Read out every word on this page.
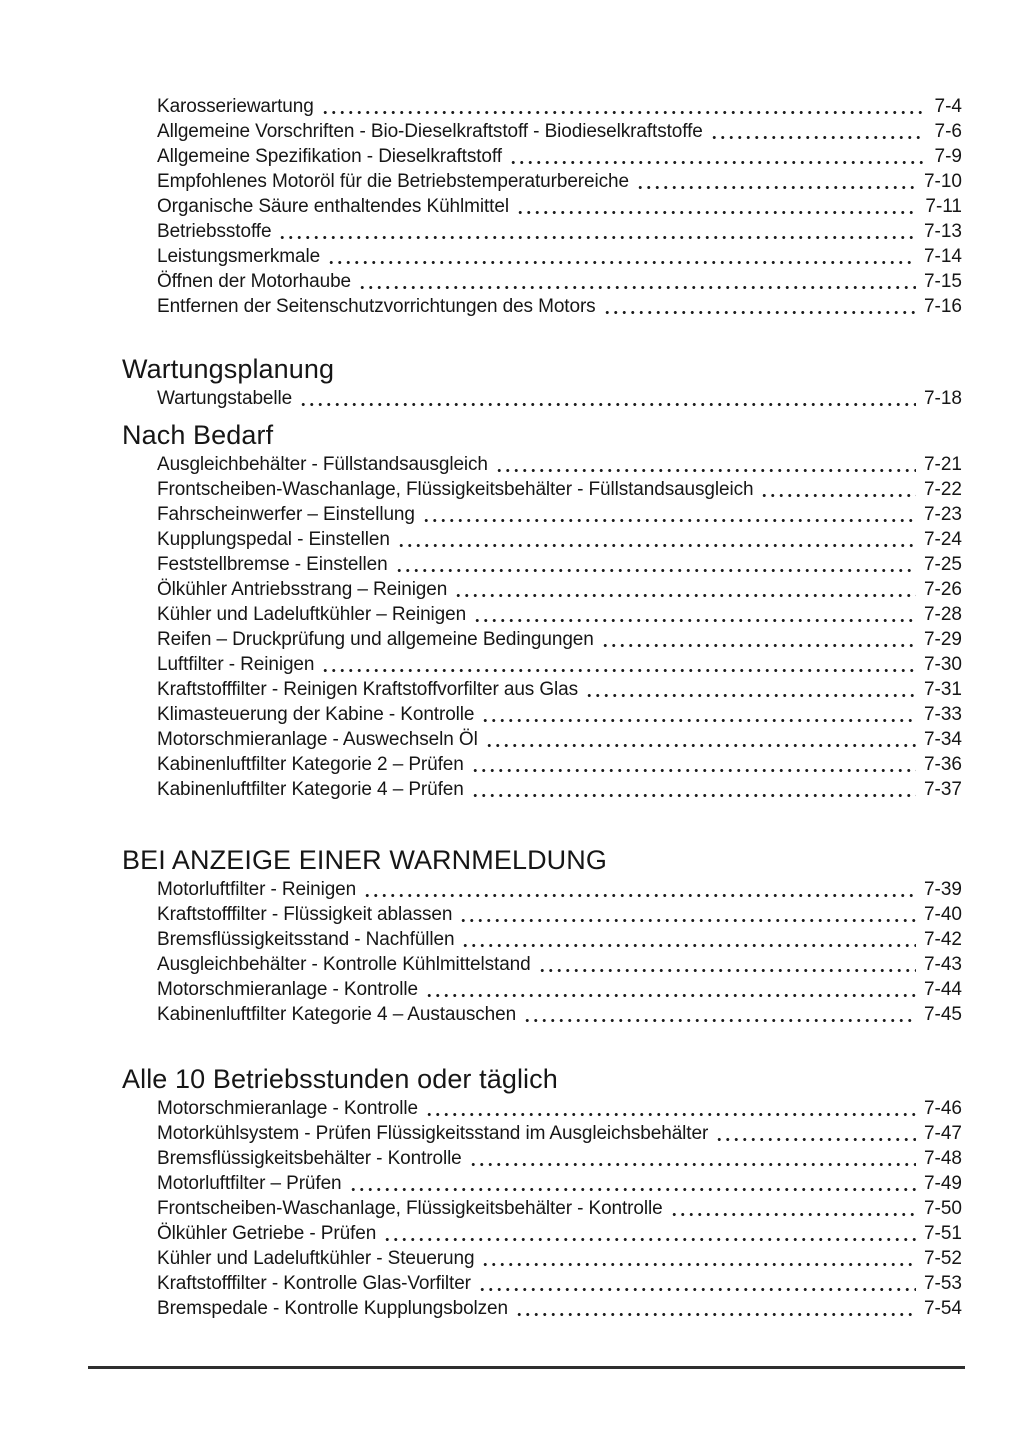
Karosseriewartung	7-4
Allgemeine Vorschriften - Bio-Dieselkraftstoff - Biodieselkraftstoffe	7-6
Allgemeine Spezifikation - Dieselkraftstoff	7-9
Empfohlenes Motoröl für die Betriebstemperaturbereiche	7-10
Organische Säure enthaltendes Kühlmittel	7-11
Betriebsstoffe	7-13
Leistungsmerkmale	7-14
Öffnen der Motorhaube	7-15
Entfernen der Seitenschutzvorrichtungen des Motors	7-16
Wartungsplanung
Wartungstabelle	7-18
Nach Bedarf
Ausgleichbehälter - Füllstandsausgleich	7-21
Frontscheiben-Waschanlage, Flüssigkeitsbehälter - Füllstandsausgleich	7-22
Fahrscheinwerfer – Einstellung	7-23
Kupplungspedal - Einstellen	7-24
Feststellbremse - Einstellen	7-25
Ölkühler Antriebsstrang – Reinigen	7-26
Kühler und Ladeluftkühler – Reinigen	7-28
Reifen – Druckprüfung und allgemeine Bedingungen	7-29
Luftfilter - Reinigen	7-30
Kraftstofffilter - Reinigen Kraftstoffvorfilter aus Glas	7-31
Klimasteuerung der Kabine - Kontrolle	7-33
Motorschmieranlage - Auswechseln Öl	7-34
Kabinenluftfilter Kategorie 2 – Prüfen	7-36
Kabinenluftfilter Kategorie 4 – Prüfen	7-37
BEI ANZEIGE EINER WARNMELDUNG
Motorluftfilter - Reinigen	7-39
Kraftstofffilter - Flüssigkeit ablassen	7-40
Bremsflüssigkeitsstand - Nachfüllen	7-42
Ausgleichbehälter - Kontrolle Kühlmittelstand	7-43
Motorschmieranlage - Kontrolle	7-44
Kabinenluftfilter Kategorie 4 – Austauschen	7-45
Alle 10 Betriebsstunden oder täglich
Motorschmieranlage - Kontrolle	7-46
Motorkühlsystem - Prüfen Flüssigkeitsstand im Ausgleichsbehälter	7-47
Bremsflüssigkeitsbehälter - Kontrolle	7-48
Motorluftfilter – Prüfen	7-49
Frontscheiben-Waschanlage, Flüssigkeitsbehälter - Kontrolle	7-50
Ölkühler Getriebe - Prüfen	7-51
Kühler und Ladeluftkühler - Steuerung	7-52
Kraftstofffilter - Kontrolle Glas-Vorfilter	7-53
Bremspedale - Kontrolle Kupplungsbolzen	7-54
